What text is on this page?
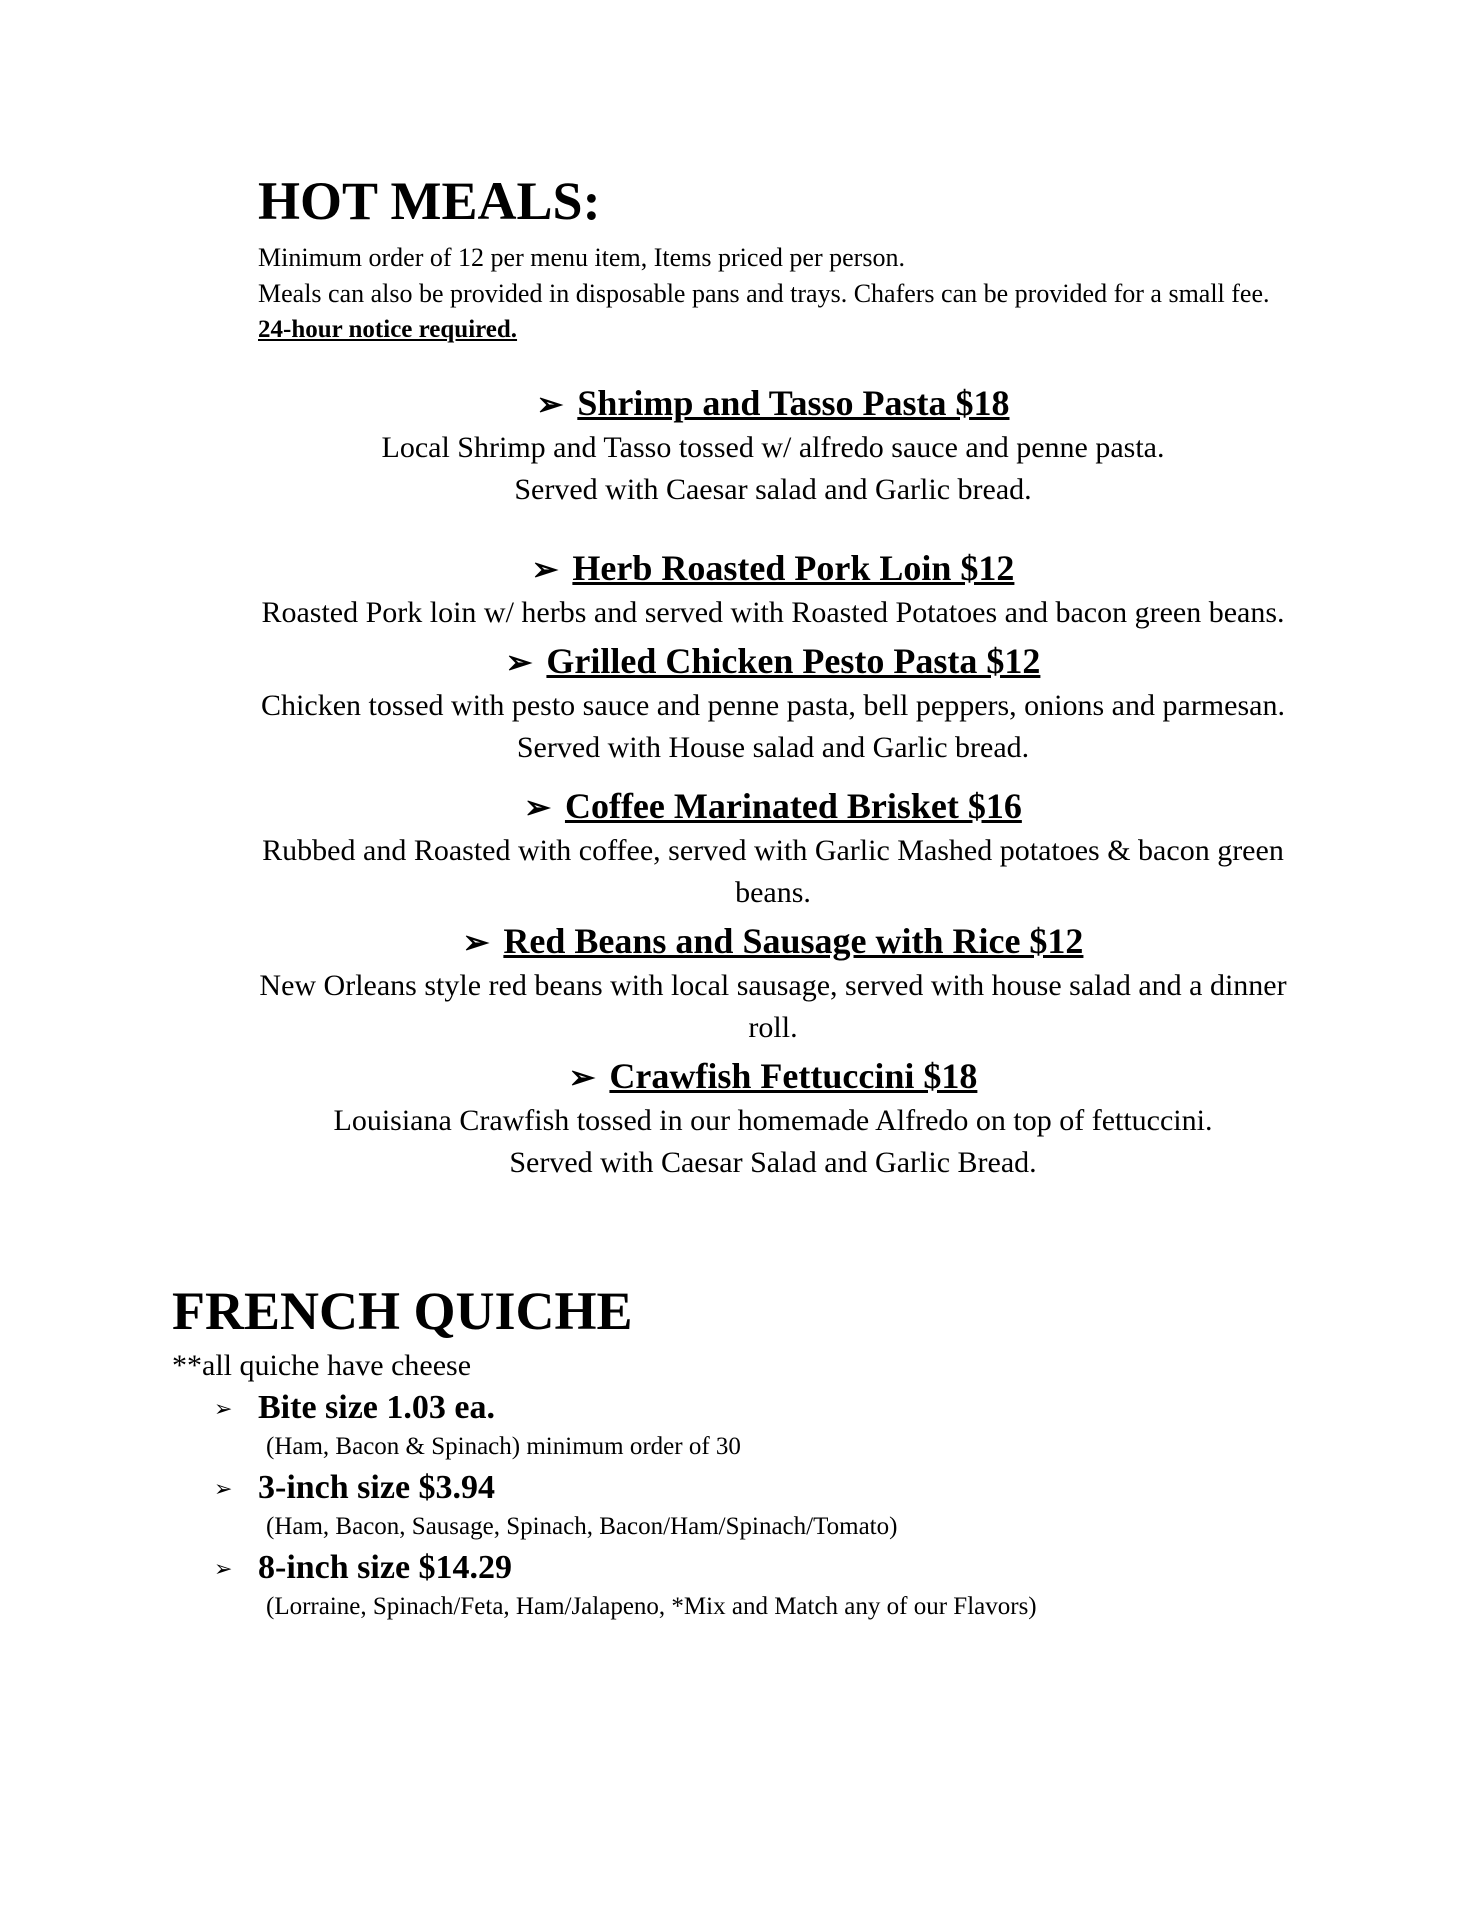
HOT MEALS:

Minimum order of 12 per menu item, Items priced per person.

Meals can also be provided in disposable pans and trays. Chafers can be provided for a small fee.

24-hour notice required.

➢ Shrimp and Tasso Pasta $18

Local Shrimp and Tasso tossed w/ alfredo sauce and penne pasta.

Served with Caesar salad and Garlic bread.

➢ Herb Roasted Pork Loin $12

Roasted Pork loin w/ herbs and served with Roasted Potatoes and bacon green beans.

➢ Grilled Chicken Pesto Pasta $12

Chicken tossed with pesto sauce and penne pasta, bell peppers, onions and parmesan.

Served with House salad and Garlic bread.

➢ Coffee Marinated Brisket $16

Rubbed and Roasted with coffee, served with Garlic Mashed potatoes & bacon green beans.

➢ Red Beans and Sausage with Rice $12

New Orleans style red beans with local sausage, served with house salad and a dinner roll.

➢ Crawfish Fettuccini $18

Louisiana Crawfish tossed in our homemade Alfredo on top of fettuccini.

Served with Caesar Salad and Garlic Bread.

FRENCH QUICHE
**all quiche have cheese
➢ Bite size 1.03 ea.
(Ham, Bacon & Spinach) minimum order of 30
➢ 3-inch size $3.94
(Ham, Bacon, Sausage, Spinach, Bacon/Ham/Spinach/Tomato)
➢ 8-inch size $14.29
(Lorraine, Spinach/Feta, Ham/Jalapeno, *Mix and Match any of our Flavors)
